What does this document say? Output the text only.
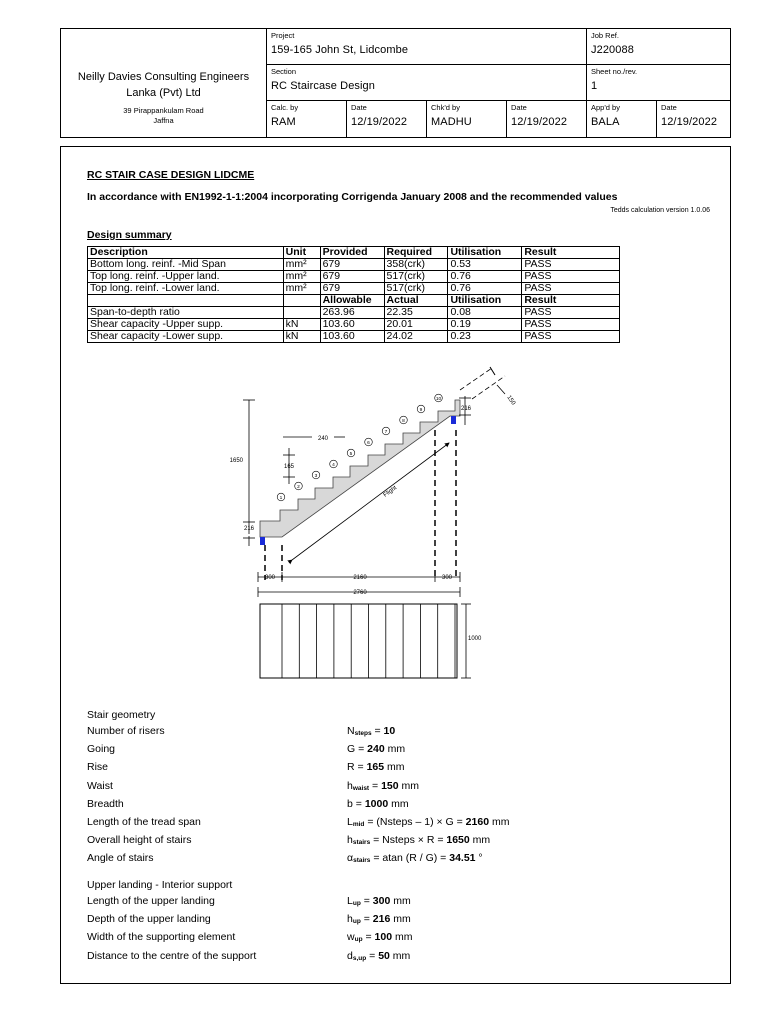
Neilly Davies Consulting Engineers
Lanka (Pvt) Ltd
39 Pirappankulam Road
Jaffna
Project
159-165 John St, Lidcombe
Job Ref.
J220088
Section
RC Staircase Design
Sheet no./rev.
1
Calc. by
RAM
Date
12/19/2022
Chk'd by
MADHU
Date
12/19/2022
App'd by
BALA
Date
12/19/2022
RC STAIR CASE DESIGN LIDCME
In accordance with EN1992-1-1:2004 incorporating Corrigenda January 2008 and the recommended values
Tedds calculation version 1.0.06
Design summary
Description	Unit	Provided	Required	Utilisation	Result
Bottom long. reinf. -Mid Span	mm²	679	358(crk)	0.53	PASS
Top long. reinf. -Upper land.	mm²	679	517(crk)	0.76	PASS
Top long. reinf. -Lower land.	mm²	679	517(crk)	0.76	PASS
		Allowable	Actual	Utilisation	Result
Span-to-depth ratio		263.96	22.35	0.08	PASS
Shear capacity -Upper supp.	kN	103.60	20.01	0.19	PASS
Shear capacity -Lower supp.	kN	103.60	24.02	0.23	PASS
Stair geometry
Number of risers	Nsteps = 10
Going	G = 240 mm
Rise	R = 165 mm
Waist	hwaist = 150 mm
Breadth	b = 1000 mm
Length of the tread span	Lmid = (Nsteps – 1) × G = 2160 mm
Overall height of stairs	hstairs = Nsteps × R = 1650 mm
Angle of stairs	αstairs = atan (R / G) = 34.51 °
Upper landing - Interior support
Length of the upper landing	Lup = 300 mm
Depth of the upper landing	hup = 216 mm
Width of the supporting element	wup = 100 mm
Distance to the centre of the support	ds,up = 50 mm
1650
216
240
165
216
150
Flight
300	2160	300
2760
1000
1
2
3
4
5
6
7
8
9
10
